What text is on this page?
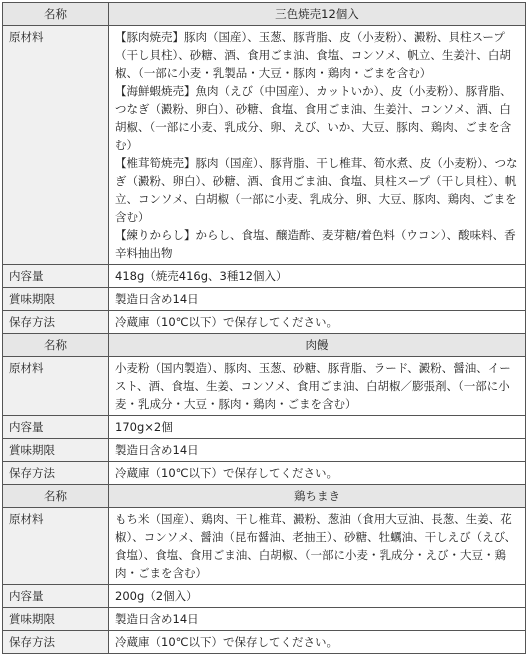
名称	三色焼売12個入
原材料	【豚肉焼売】豚肉（国産）、玉葱、豚背脂、皮（小麦粉）、澱粉、貝柱スープ（干し貝柱）、砂糖、酒、食用ごま油、食塩、コンソメ、帆立、生姜汁、白胡椒、（一部に小麦・乳製品・大豆・豚肉・鶏肉・ごまを含む）
【海鮮蝦焼売】魚肉（えび（中国産）、カットいか）、皮（小麦粉）、豚背脂、つなぎ（澱粉、卵白）、砂糖、食塩、食用ごま油、生姜汁、コンソメ、酒、白胡椒、（一部に小麦、乳成分、卵、えび、いか、大豆、豚肉、鶏肉、ごまを含む）
【椎茸筍焼売】豚肉（国産）、豚背脂、干し椎茸、筍水煮、皮（小麦粉）、つなぎ（澱粉、卵白）、砂糖、酒、食用ごま油、食塩、貝柱スープ（干し貝柱）、帆立、コンソメ、白胡椒（一部に小麦、乳成分、卵、大豆、豚肉、鶏肉、ごまを含む）
【練りからし】からし、食塩、醸造酢、麦芽糖/着色料（ウコン）、酸味料、香辛料抽出物

内容量	418g（焼売416g、3種12個入）
賞味期限	製造日含め14日
保存方法	冷蔵庫（10℃以下）で保存してください。
名称	肉饅
原材料	小麦粉（国内製造）、豚肉、玉葱、砂糖、豚背脂、ラード、澱粉、醤油、イースト、酒、食塩、生姜、コンソメ、食用ごま油、白胡椒／膨張剤、（一部に小麦・乳成分・大豆・豚肉・鶏肉・ごまを含む）

内容量	170g×2個
賞味期限	製造日含め14日
保存方法	冷蔵庫（10℃以下）で保存してください。
名称	鶏ちまき
原材料	もち米（国産）、鶏肉、干し椎茸、澱粉、葱油（食用大豆油、長葱、生姜、花椒）、コンソメ、醤油（昆布醤油、老抽王）、砂糖、牡蠣油、干しえび（えび、食塩）、食塩、食用ごま油、白胡椒、（一部に小麦・乳成分・えび・大豆・鶏肉・ごまを含む）

内容量	200g（2個入）
賞味期限	製造日含め14日
保存方法	冷蔵庫（10℃以下）で保存してください。
